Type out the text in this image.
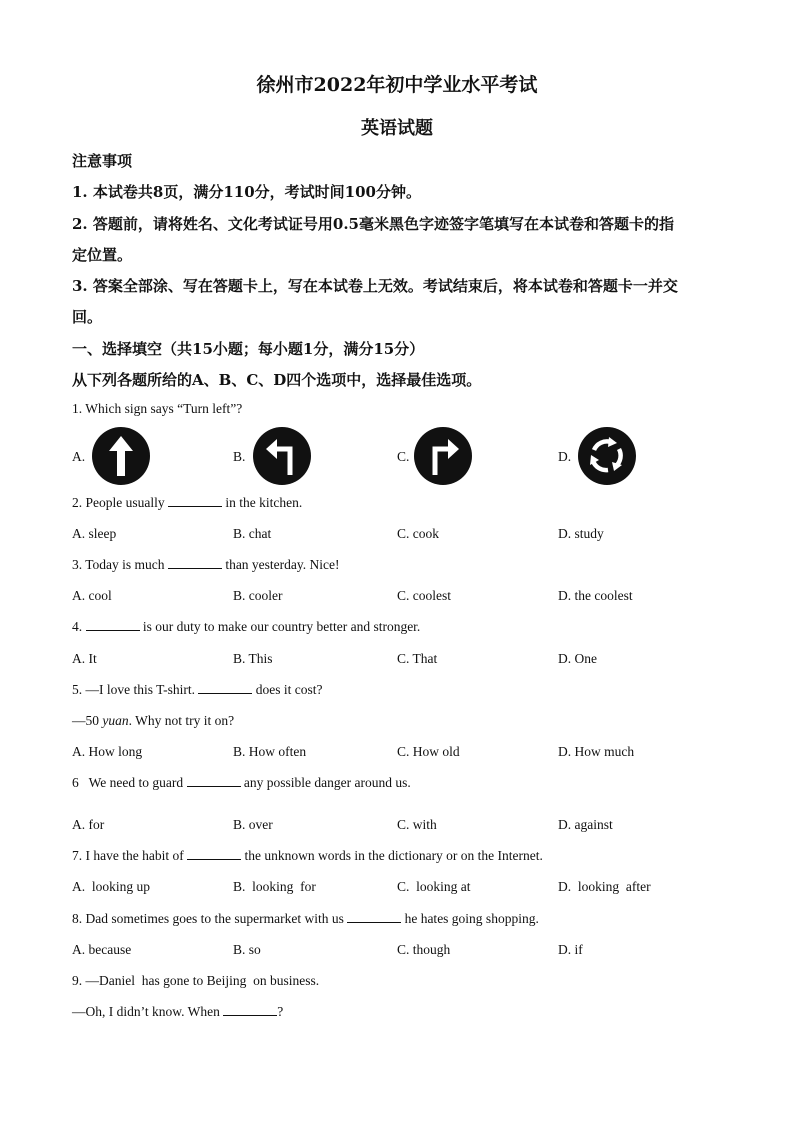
徐州市2022年初中学业水平考试
英语试题
注意事项
1. 本试卷共8页，满分110分，考试时间100分钟。
2. 答题前，请将姓名、文化考试证号用0.5毫米黑色字迹签字笔填写在本试卷和答题卡的指
定位置。
3. 答案全部涂、写在答题卡上，写在本试卷上无效。考试结束后，将本试卷和答题卡一并交
回。
一、选择填空（共15小题；每小题1分，满分15分）
从下列各题所给的A、B、C、D四个选项中，选择最佳选项。
1. Which sign says “Turn left”?
A.	B.	C.	D.
2. People usually	in the kitchen.
A. sleep	B. chat	C. cook	D. study
3. Today is much	than yesterday. Nice!
A. cool	B. cooler	C. coolest	D. the coolest
4.	is our duty to make our country better and stronger.
A. It	B. This	C. That	D. One
5. —I love this T-shirt.	does it cost?
—50 yuan. Why not try it on?
A. How long	B. How often	C. How old	D. How much
6   We need to guard	any possible danger around us.
A. for	B. over	C. with	D. against
7. I have the habit of	the unknown words in the dictionary or on the Internet.
A.  looking up	B.  looking  for	C.  looking at	D.  looking  after
8. Dad sometimes goes to the supermarket with us	he hates going shopping.
A. because	B. so	C. though	D. if
9. —Daniel  has gone to Beijing  on business.
—Oh, I didn’t know. When	?
